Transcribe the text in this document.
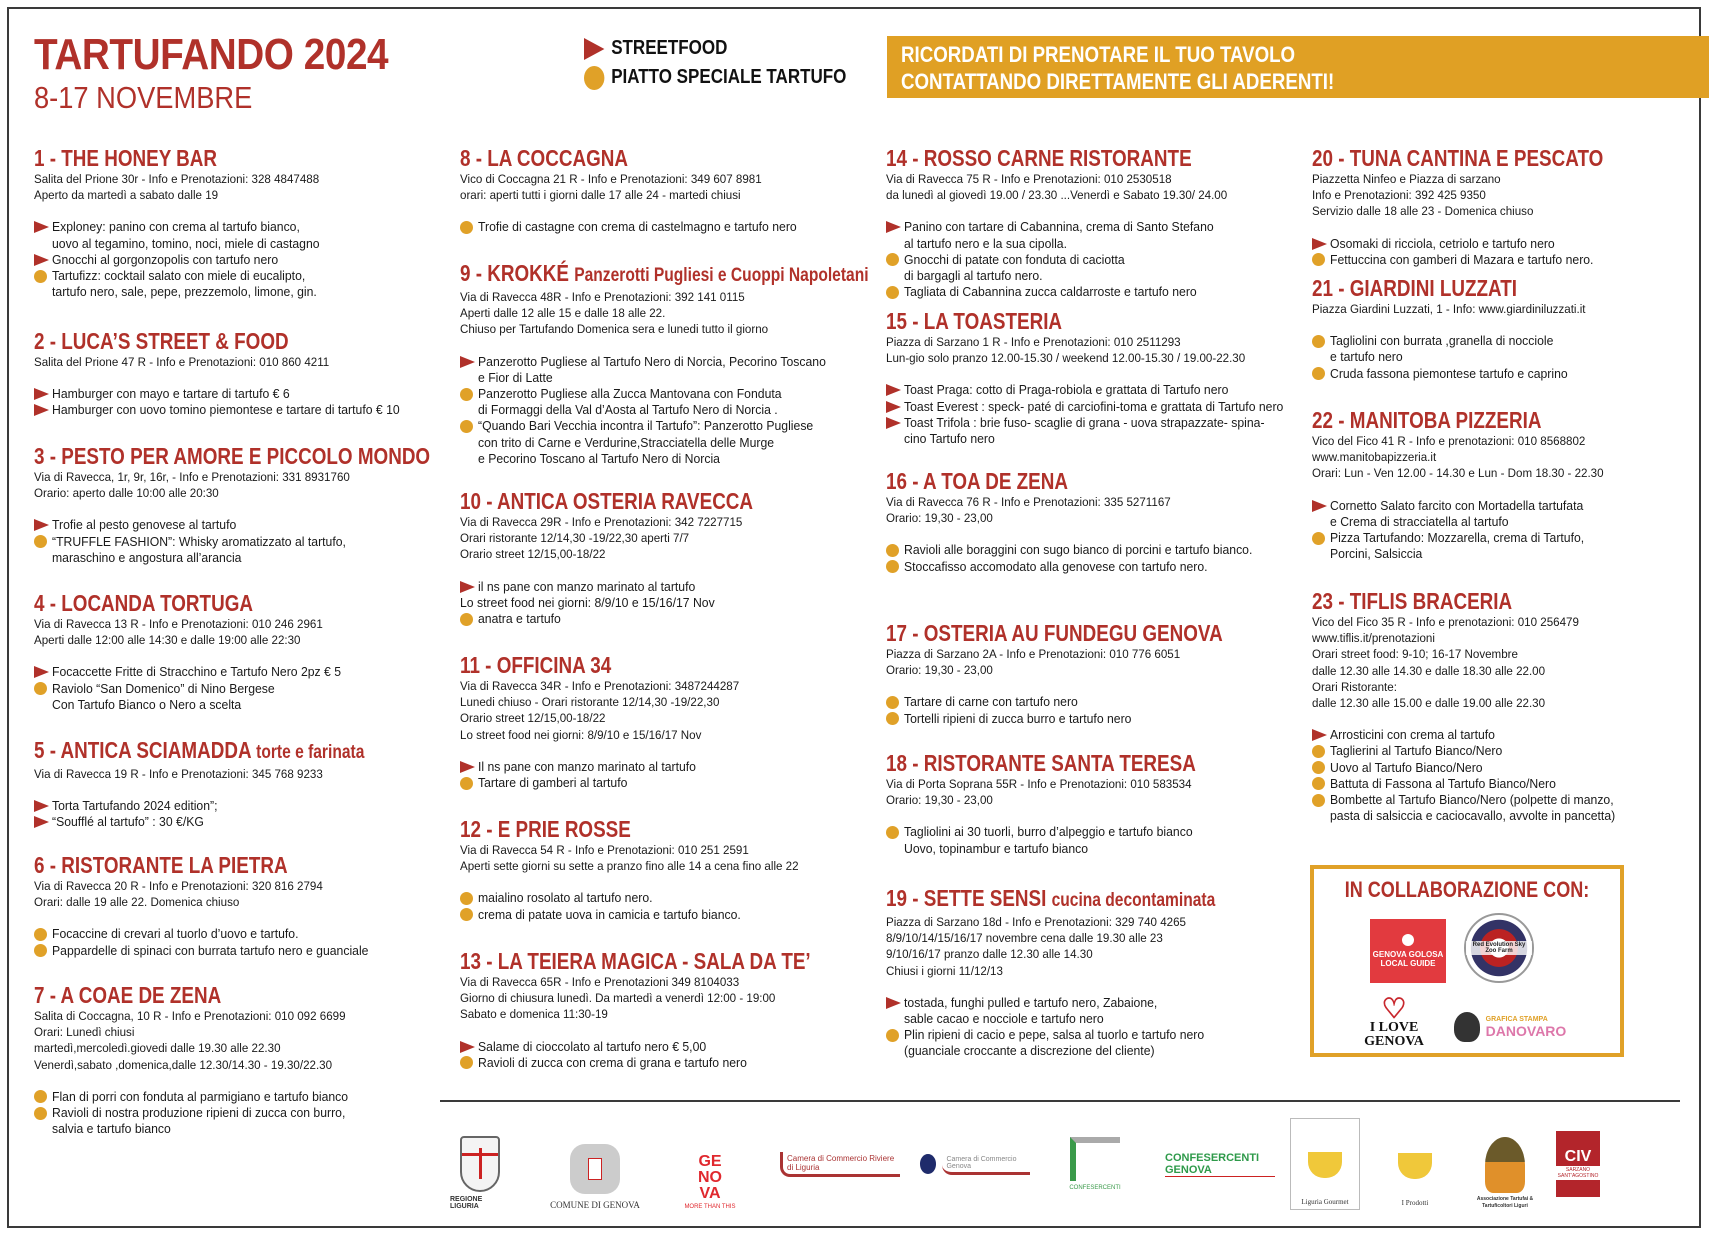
TARTUFANDO 2024
8-17 NOVEMBRE
STREETFOOD
PIATTO SPECIALE TARTUFO
RICORDATI DI PRENOTARE IL TUO TAVOLO
CONTATTANDO DIRETTAMENTE GLI ADERENTI!
1 - THE HONEY BAR
Salita del Prione 30r - Info e Prenotazioni: 328 4847488
Aperto da martedì a sabato dalle 19
Exploney: panino con crema al tartufo bianco,
uovo al tegamino, tomino, noci, miele di castagno
Gnocchi al gorgonzopolis con tartufo nero
Tartufizz: cocktail salato con miele di eucalipto,
tartufo nero, sale, pepe, prezzemolo, limone, gin.
2 - LUCA’S STREET & FOOD
Salita del Prione 47 R - Info e Prenotazioni: 010 860 4211
Hamburger con mayo e tartare di tartufo € 6
Hamburger con uovo tomino piemontese e tartare di tartufo € 10
3 - PESTO PER AMORE E PICCOLO MONDO
Via di Ravecca, 1r, 9r, 16r, - Info e Prenotazioni: 331 8931760
Orario: aperto dalle 10:00 alle 20:30
Trofie al pesto genovese al tartufo
“TRUFFLE FASHION”: Whisky aromatizzato al tartufo,
maraschino e angostura all’arancia
4 - LOCANDA TORTUGA
Via di Ravecca 13 R - Info e Prenotazioni: 010 246 2961
Aperti dalle 12:00 alle 14:30 e dalle 19:00 alle 22:30
Focaccette Fritte di Stracchino e Tartufo Nero 2pz € 5
Raviolo “San Domenico” di Nino Bergese
Con Tartufo Bianco o Nero a scelta
5 - ANTICA SCIAMADDA torte e farinata
Via di Ravecca 19 R - Info e Prenotazioni: 345 768 9233
Torta Tartufando 2024 edition”;
“Soufflé al tartufo” : 30 €/KG
6 - RISTORANTE LA PIETRA
Via di Ravecca 20 R - Info e Prenotazioni: 320 816 2794
Orari: dalle 19 alle 22. Domenica chiuso
Focaccine di crevari al tuorlo d’uovo e tartufo.
Pappardelle di spinaci con burrata tartufo nero e guanciale
7 - A COAE DE ZENA
Salita di Coccagna, 10 R - Info e Prenotazioni: 010 092 6699
Orari: Lunedì chiusi
martedì,mercoledì.giovedi dalle 19.30 alle 22.30
Venerdì,sabato ,domenica,dalle 12.30/14.30 - 19.30/22.30
Flan di porri con fonduta al parmigiano e tartufo bianco
Ravioli di nostra produzione ripieni di zucca con burro,
salvia e tartufo bianco
8 - LA COCCAGNA
Vico di Coccagna 21 R - Info e Prenotazioni: 349 607 8981
orari: aperti tutti i giorni dalle 17 alle 24 - martedi chiusi
Trofie di castagne con crema di castelmagno e tartufo nero
9 - KROKKÉ Panzerotti Pugliesi e Cuoppi Napoletani
Via di Ravecca 48R - Info e Prenotazioni: 392 141 0115
Aperti dalle 12 alle 15 e dalle 18 alle 22.
Chiuso per Tartufando Domenica sera e lunedi tutto il giorno
Panzerotto Pugliese al Tartufo Nero di Norcia, Pecorino Toscano
e Fior di Latte
Panzerotto Pugliese alla Zucca Mantovana con Fonduta
di Formaggi della Val d’Aosta al Tartufo Nero di Norcia .
“Quando Bari Vecchia incontra il Tartufo”: Panzerotto Pugliese
con trito di Carne e Verdurine,Stracciatella delle Murge
e Pecorino Toscano al Tartufo Nero di Norcia
10 - ANTICA OSTERIA RAVECCA
Via di Ravecca 29R - Info e Prenotazioni: 342 7227715
Orari ristorante 12/14,30 -19/22,30 aperti 7/7
Orario street 12/15,00-18/22
il ns pane con manzo marinato al tartufo
Lo street food nei giorni: 8/9/10 e 15/16/17 Nov
anatra e tartufo
11 - OFFICINA 34
Via di Ravecca 34R - Info e Prenotazioni: 3487244287
Lunedi chiuso - Orari ristorante 12/14,30 -19/22,30
Orario street 12/15,00-18/22
Lo street food nei giorni: 8/9/10 e 15/16/17 Nov
Il ns pane con manzo marinato al tartufo
Tartare di gamberi al tartufo
12 - E PRIE ROSSE
Via di Ravecca 54 R - Info e Prenotazioni: 010 251 2591
Aperti sette giorni su sette a pranzo fino alle 14 a cena fino alle 22
maialino rosolato al tartufo nero.
crema di patate uova in camicia e tartufo bianco.
13 - LA TEIERA MAGICA - SALA DA TE’
Via di Ravecca 65R - Info e Prenotazioni 349 8104033
Giorno di chiusura lunedì. Da martedì a venerdì 12:00 - 19:00
Sabato e domenica 11:30-19
Salame di cioccolato al tartufo nero € 5,00
Ravioli di zucca con crema di grana e tartufo nero
14 - ROSSO CARNE RISTORANTE
Via di Ravecca 75 R - Info e Prenotazioni: 010 2530518
da lunedì al giovedì 19.00 / 23.30 ...Venerdì e Sabato 19.30/ 24.00
Panino con tartare di Cabannina, crema di Santo Stefano
al tartufo nero e la sua cipolla.
Gnocchi di patate con fonduta di caciotta
di bargagli al tartufo nero.
Tagliata di Cabannina zucca caldarroste e tartufo nero
15 - LA TOASTERIA
Piazza di Sarzano 1 R - Info e Prenotazioni: 010 2511293
Lun-gio solo pranzo 12.00-15.30 / weekend 12.00-15.30 / 19.00-22.30
Toast Praga: cotto di Praga-robiola e grattata di Tartufo nero
Toast Everest : speck- paté di carciofini-toma e grattata di Tartufo nero
Toast Trifola : brie fuso- scaglie di grana - uova strapazzate- spina-
cino Tartufo nero
16 - A TOA DE ZENA
Via di Ravecca 76 R - Info e Prenotazioni: 335 5271167
Orario: 19,30 - 23,00
Ravioli alle boraggini con sugo bianco di porcini e tartufo bianco.
Stoccafisso accomodato alla genovese con tartufo nero.
17 - OSTERIA AU FUNDEGU GENOVA
Piazza di Sarzano 2A - Info e Prenotazioni: 010 776 6051
Orario: 19,30 - 23,00
Tartare di carne con tartufo nero
Tortelli ripieni di zucca burro e tartufo nero
18 - RISTORANTE SANTA TERESA
Via di Porta Soprana 55R - Info e Prenotazioni: 010 583534
Orario: 19,30 - 23,00
Tagliolini ai 30 tuorli, burro d’alpeggio e tartufo bianco
Uovo, topinambur e tartufo bianco
19 - SETTE SENSI cucina decontaminata
Piazza di Sarzano 18d - Info e Prenotazioni: 329 740 4265
8/9/10/14/15/16/17 novembre cena dalle 19.30 alle 23
9/10/16/17 pranzo dalle 12.30 alle 14.30
Chiusi i giorni 11/12/13
tostada, funghi pulled e tartufo nero, Zabaione,
sable cacao e nocciole e tartufo nero
Plin ripieni di cacio e pepe, salsa al tuorlo e tartufo nero
(guanciale croccante a discrezione del cliente)
20 - TUNA CANTINA E PESCATO
Piazzetta Ninfeo e Piazza di sarzano
Info e Prenotazioni: 392 425 9350
Servizio dalle 18 alle 23 - Domenica chiuso
Osomaki di ricciola, cetriolo e tartufo nero
Fettuccina con gamberi di Mazara e tartufo nero.
21 - GIARDINI LUZZATI
Piazza Giardini Luzzati, 1 - Info: www.giardiniluzzati.it
Tagliolini con burrata ,granella di nocciole
e tartufo nero
Cruda fassona piemontese tartufo e caprino
22 - MANITOBA PIZZERIA
Vico del Fico 41 R - Info e prenotazioni: 010 8568802
www.manitobapizzeria.it
Orari: Lun - Ven 12.00 - 14.30 e Lun - Dom 18.30 - 22.30
Cornetto Salato farcito con Mortadella tartufata
e Crema di stracciatella al tartufo
Pizza Tartufando: Mozzarella, crema di Tartufo,
Porcini, Salsiccia
23 - TIFLIS BRACERIA
Vico del Fico 35 R - Info e prenotazioni: 010 256479
www.tiflis.it/prenotazioni
Orari street food: 9-10; 16-17 Novembre
dalle 12.30 alle 14.30 e dalle 18.30 alle 22.00
Orari Ristorante:
dalle 12.30 alle 15.00 e dalle 19.00 alle 22.30
Arrosticini con crema al tartufo
Taglierini al Tartufo Bianco/Nero
Uovo al Tartufo Bianco/Nero
Battuta di Fassona al Tartufo Bianco/Nero
Bombette al Tartufo Bianco/Nero (polpette di manzo,
pasta di salsiccia e caciocavallo, avvolte in pancetta)
IN COLLABORAZIONE CON:
GENOVA GOLOSA
LOCAL GUIDE
Red Evolution Sky Zoo Farm
♡
I LOVE
GENOVA
GRAFICA STAMPA
DANOVARO
REGIONE LIGURIA	COMUNE DI GENOVA
GE
NO
VA
MORE THAN THIS
Camera di Commercio Riviere di Liguria
Camera di Commercio Genova
CONFESERCENTI
CONFESERCENTI GENOVA
Liguria Gourmet	I Prodotti	Associazione Tartufai & Tartuficoltori Liguri
CIV
SARZANO SANT'AGOSTINO
